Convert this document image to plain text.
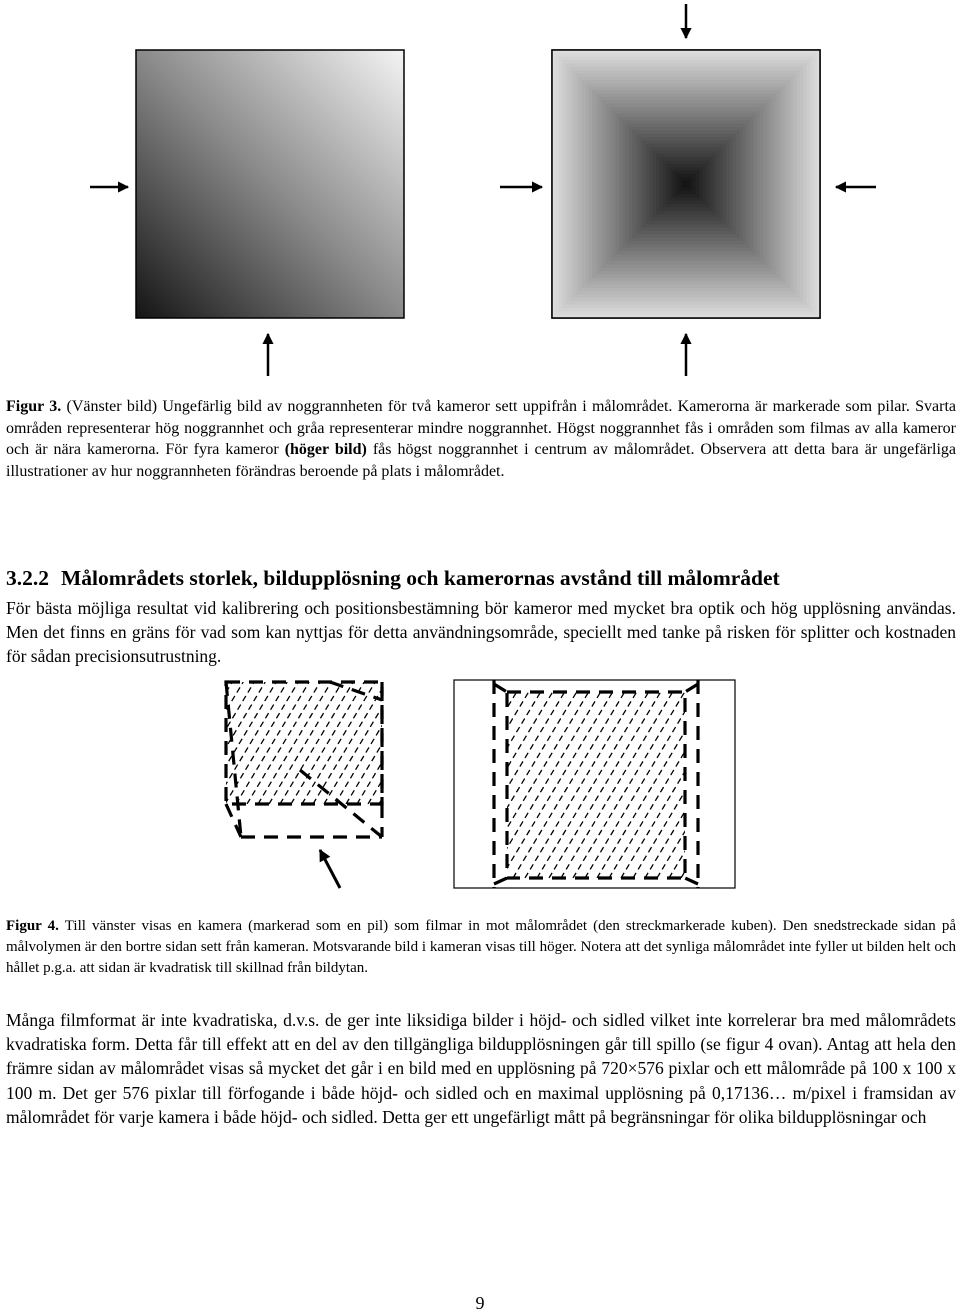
Figur 3. (Vänster bild) Ungefärlig bild av noggrannheten för två kameror sett uppifrån i målområdet. Kamerorna är markerade som pilar. Svarta områden representerar hög noggrannhet och gråa representerar mindre noggrannhet. Högst noggrannhet fås i områden som filmas av alla kameror och är nära kamerorna. För fyra kameror (höger bild) fås högst noggrannhet i centrum av målområdet. Observera att detta bara är ungefärliga illustrationer av hur noggrannheten förändras beroende på plats i målområdet.
3.2.2 Målområdets storlek, bildupplösning och kamerornas avstånd till målområdet
För bästa möjliga resultat vid kalibrering och positionsbestämning bör kameror med mycket bra optik och hög upplösning användas. Men det finns en gräns för vad som kan nyttjas för detta användningsområde, speciellt med tanke på risken för splitter och kostnaden för sådan precisionsutrustning.
Figur 4. Till vänster visas en kamera (markerad som en pil) som filmar in mot målområdet (den streckmarkerade kuben). Den snedstreckade sidan på målvolymen är den bortre sidan sett från kameran. Motsvarande bild i kameran visas till höger. Notera att det synliga målområdet inte fyller ut bilden helt och hållet p.g.a. att sidan är kvadratisk till skillnad från bildytan.
Många filmformat är inte kvadratiska, d.v.s. de ger inte liksidiga bilder i höjd- och sidled vilket inte korrelerar bra med målområdets kvadratiska form. Detta får till effekt att en del av den tillgängliga bildupplösningen går till spillo (se figur 4 ovan). Antag att hela den främre sidan av målområdet visas så mycket det går i en bild med en upplösning på 720×576 pixlar och ett målområde på 100 x 100 x 100 m. Det ger 576 pixlar till förfogande i både höjd- och sidled och en maximal upplösning på 0,17136… m/pixel i framsidan av målområdet för varje kamera i både höjd- och sidled. Detta ger ett ungefärligt mått på begränsningar för olika bildupplösningar och
9
